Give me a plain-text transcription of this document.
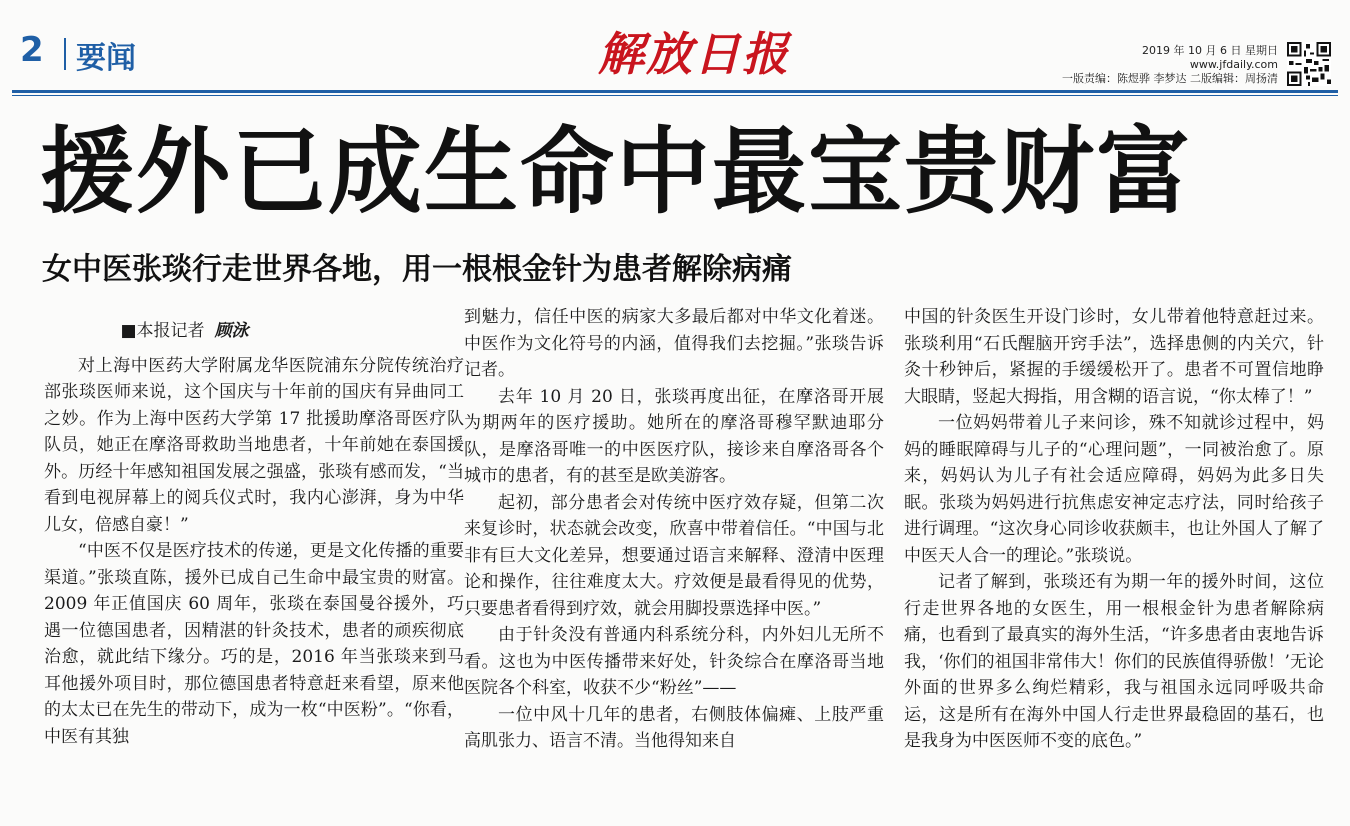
2 要闻	解放日报	2019 年 10 月 6 日 星期日
www.jfdaily.com
一版责编：陈煜骅 李梦达 二版编辑：周扬清
援外已成生命中最宝贵财富
女中医张琰行走世界各地，用一根根金针为患者解除病痛
■本报记者 顾泳

对上海中医药大学附属龙华医院浦东分院传统治疗部张琰医师来说，这个国庆与十年前的国庆有异曲同工之妙。作为上海中医药大学第 17 批援助摩洛哥医疗队队员，她正在摩洛哥救助当地患者，十年前她在泰国援外。历经十年感知祖国发展之强盛，张琰有感而发，“当看到电视屏幕上的阅兵仪式时，我内心澎湃，身为中华儿女，倍感自豪！”

“中医不仅是医疗技术的传递，更是文化传播的重要渠道。”张琰直陈，援外已成自己生命中最宝贵的财富。2009 年正值国庆 60 周年，张琰在泰国曼谷援外，巧遇一位德国患者，因精湛的针灸技术，患者的顽疾彻底治愈，就此结下缘分。巧的是，2016 年当张琰来到马耳他援外项目时，那位德国患者特意赶来看望，原来他的太太已在先生的带动下，成为一枚“中医粉”。“你看，中医有其独

到魅力，信任中医的病家大多最后都对中华文化着迷。中医作为文化符号的内涵，值得我们去挖掘。”张琰告诉记者。

去年 10 月 20 日，张琰再度出征，在摩洛哥开展为期两年的医疗援助。她所在的摩洛哥穆罕默迪耶分队，是摩洛哥唯一的中医医疗队，接诊来自摩洛哥各个城市的患者，有的甚至是欧美游客。

起初，部分患者会对传统中医疗效存疑，但第二次来复诊时，状态就会改变，欣喜中带着信任。“中国与北非有巨大文化差异，想要通过语言来解释、澄清中医理论和操作，往往难度太大。疗效便是最看得见的优势，只要患者看得到疗效，就会用脚投票选择中医。”

由于针灸没有普通内科系统分科，内外妇儿无所不看。这也为中医传播带来好处，针灸综合在摩洛哥当地医院各个科室，收获不少“粉丝”——

一位中风十几年的患者，右侧肢体偏瘫、上肢严重高肌张力、语言不清。当他得知来自

中国的针灸医生开设门诊时，女儿带着他特意赶过来。张琰利用“石氏醒脑开窍手法”，选择患侧的内关穴，针灸十秒钟后，紧握的手缓缓松开了。患者不可置信地睁大眼睛，竖起大拇指，用含糊的语言说，“你太棒了！”

一位妈妈带着儿子来问诊，殊不知就诊过程中，妈妈的睡眠障碍与儿子的“心理问题”，一同被治愈了。原来，妈妈认为儿子有社会适应障碍，妈妈为此多日失眠。张琰为妈妈进行抗焦虑安神定志疗法，同时给孩子进行调理。“这次身心同诊收获颇丰，也让外国人了解了中医天人合一的理论。”张琰说。

记者了解到，张琰还有为期一年的援外时间，这位行走世界各地的女医生，用一根根金针为患者解除病痛，也看到了最真实的海外生活，“许多患者由衷地告诉我，‘你们的祖国非常伟大！你们的民族值得骄傲！’无论外面的世界多么绚烂精彩，我与祖国永远同呼吸共命运，这是所有在海外中国人行走世界最稳固的基石，也是我身为中医医师不变的底色。”
